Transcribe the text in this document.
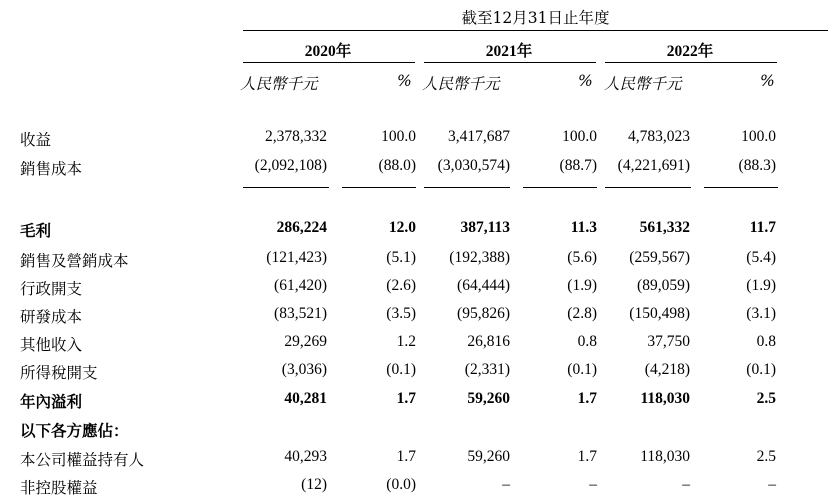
截至12月31日止年度
2020年	2021年	2022年
人民幣千元	% 人民幣千元	% 人民幣千元	%
收益	2,378,332	100.0	3,417,687	100.0	4,783,023	100.0
銷售成本	(2,092,108)	(88.0)	(3,030,574)	(88.7)	(4,221,691)	(88.3)
毛利	286,224	12.0	387,113	11.3	561,332	11.7
銷售及營銷成本	(121,423)	(5.1)	(192,388)	(5.6)	(259,567)	(5.4)
行政開支	(61,420)	(2.6)	(64,444)	(1.9)	(89,059)	(1.9)
研發成本	(83,521)	(3.5)	(95,826)	(2.8)	(150,498)	(3.1)
其他收入	29,269	1.2	26,816	0.8	37,750	0.8
所得稅開支	(3,036)	(0.1)	(2,331)	(0.1)	(4,218)	(0.1)
年內溢利	40,281	1.7	59,260	1.7	118,030	2.5
以下各方應佔：
本公司權益持有人	40,293	1.7	59,260	1.7	118,030	2.5
非控股權益	(12)	(0.0)	–	–	–	–
